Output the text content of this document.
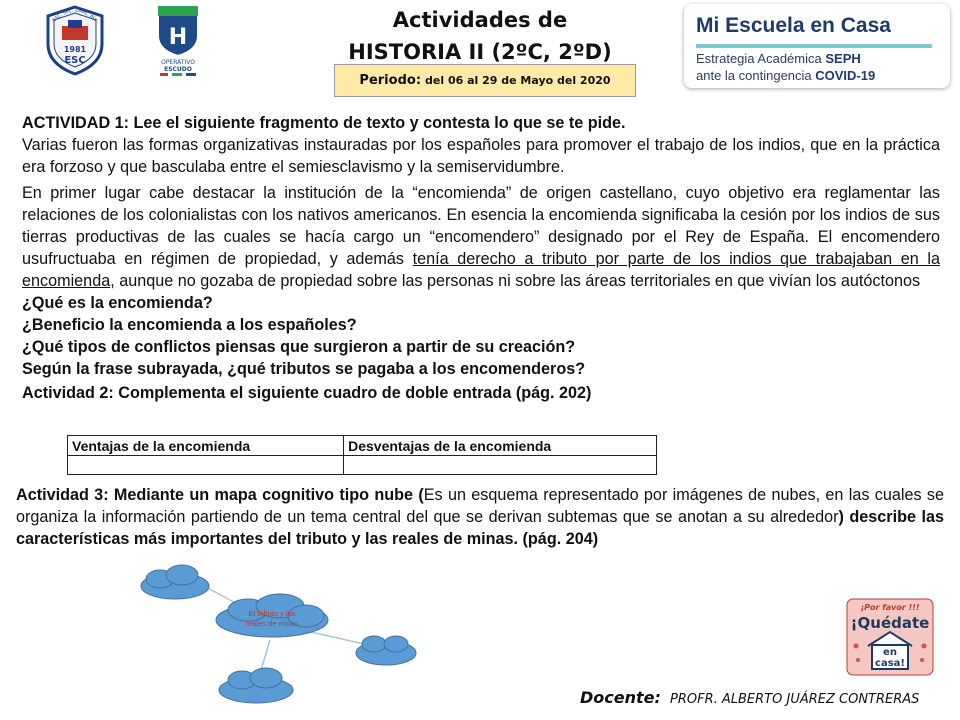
1981
ESC
ESC. SEC. GRAL. ALV
H
OPERATIVO
ESCUDO
Actividades de
HISTORIA II (2ºC, 2ºD)
Periodo : del 06 al 29 de Mayo del 2020
Mi Escuela en Casa
Estrategia Académica SEPH
ante la contingencia COVID-19

ACTIVIDAD 1: Lee el siguiente fragmento de texto y contesta lo que se te pide.

Varias fueron las formas organizativas instauradas por los españoles para promover el trabajo de los indios, que en la práctica era forzoso y que basculaba entre el semiesclavismo y la semiservidumbre.

En primer lugar cabe destacar la institución de la “encomienda” de origen castellano, cuyo objetivo era reglamentar las relaciones de los colonialistas con los nativos americanos. En esencia la encomienda significaba la cesión por los indios de sus tierras productivas de las cuales se hacía cargo un “encomendero” designado por el Rey de España. El encomendero usufructuaba en régimen de propiedad, y además tenía derecho a tributo por parte de los indios que trabajaban en la encomienda, aunque no gozaba de propiedad sobre las personas ni sobre las áreas territoriales en que vivían los autóctonos

¿Qué es la encomienda?

¿Beneficio la encomienda a los españoles?

¿Qué tipos de conflictos piensas que surgieron a partir de su creación?

Según la frase subrayada, ¿qué tributos se pagaba a los encomenderos?

Actividad 2: Complementa el siguiente cuadro de doble entrada (pág. 202)

Ventajas de la encomienda	Desventajas de la encomienda

Actividad 3: Mediante un mapa cognitivo tipo nube (Es un esquema representado por imágenes de nubes, en las cuales se organiza la información partiendo de un tema central del que se derivan subtemas que se anotan a su alrededor) describe las características más importantes del tributo y las reales de minas. (pág. 204)
El tributo y las
reales de minas
¡Por favor !!!
¡Quédate
en
casa!
Docente: PROFR. ALBERTO JUÁREZ CONTRERAS
